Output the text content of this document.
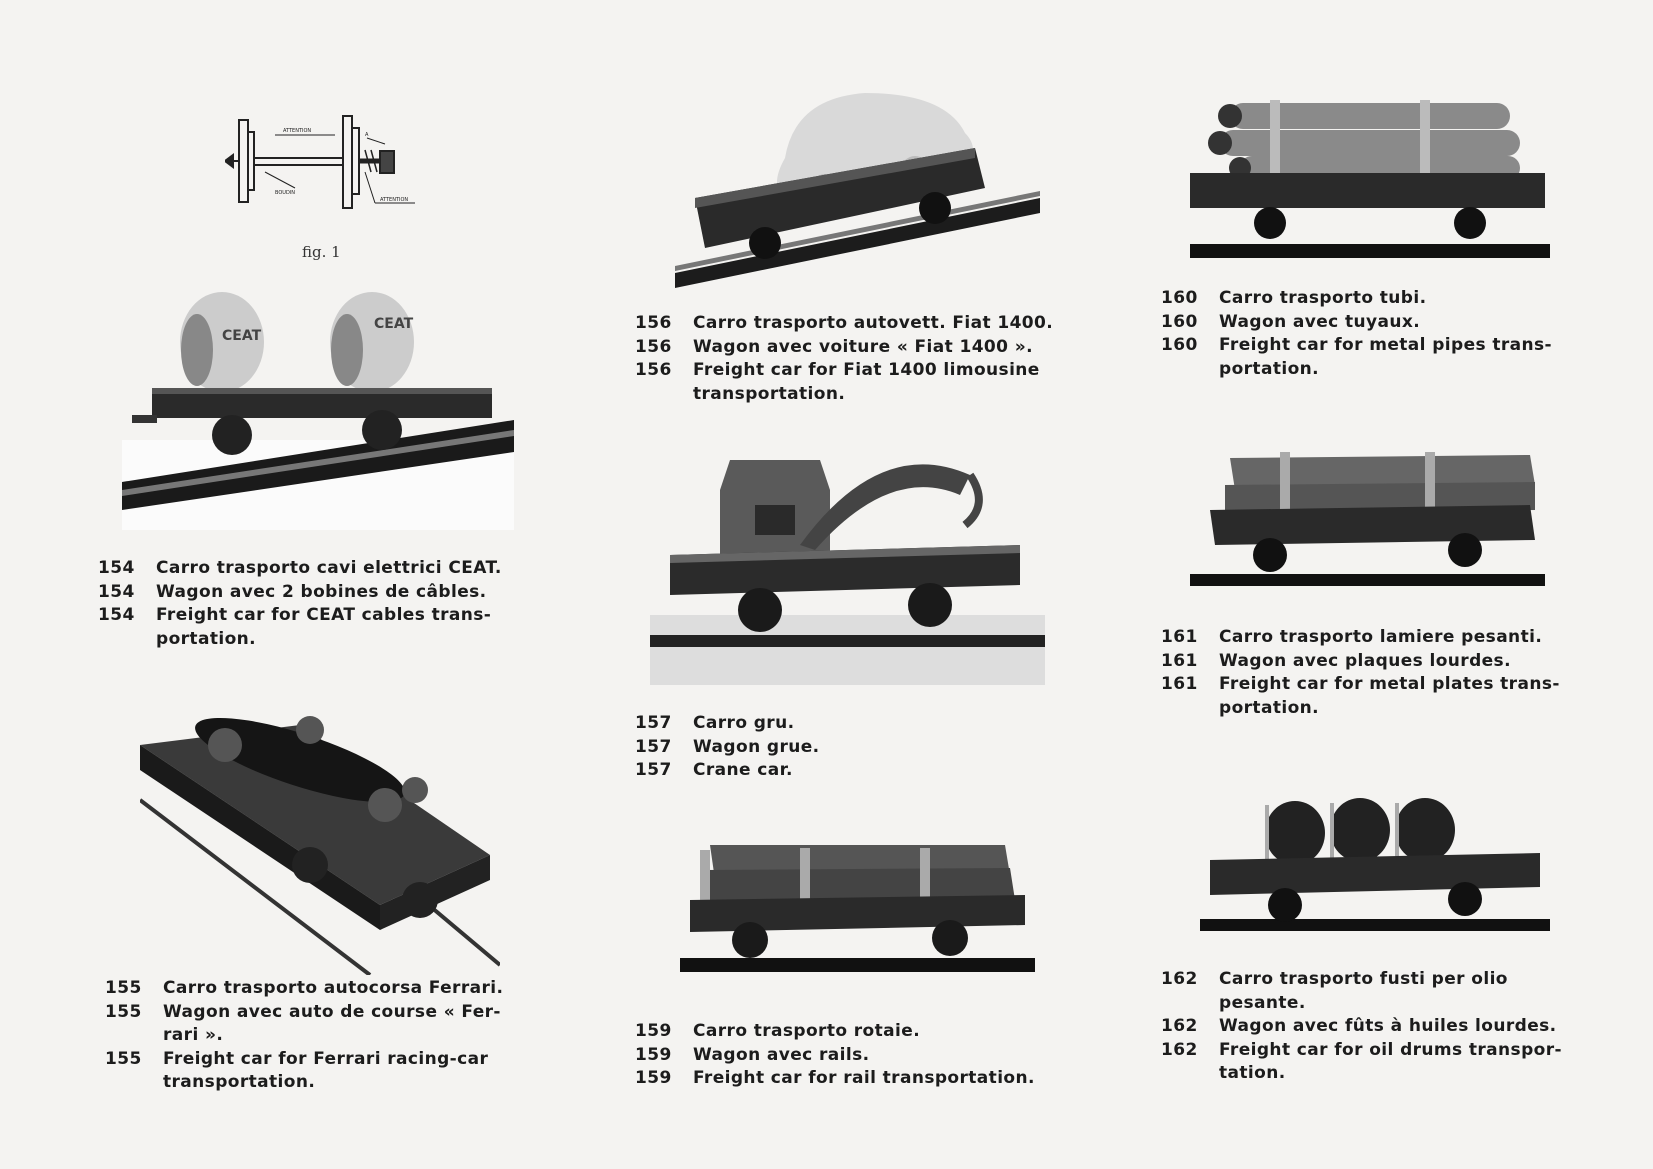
ATTENTION
A
BOUDIN
ATTENTION
fig. 1
CEAT
CEAT
154	Carro trasporto cavi elettrici CEAT.
154	Wagon avec 2 bobines de câbles.
154	Freight car for CEAT cables trans-
portation.
155	Carro trasporto autocorsa Ferrari.
155	Wagon avec auto de course « Fer-
rari ».
155	Freight car for Ferrari racing-car
transportation.
156	Carro trasporto autovett. Fiat 1400.
156	Wagon avec voiture « Fiat 1400 ».
156	Freight car for Fiat 1400 limousine
transportation.
157	Carro gru.
157	Wagon grue.
157	Crane car.
159	Carro trasporto rotaie.
159	Wagon avec rails.
159	Freight car for rail transportation.
160	Carro trasporto tubi.
160	Wagon avec tuyaux.
160	Freight car for metal pipes trans-
portation.
161	Carro trasporto lamiere pesanti.
161	Wagon avec plaques lourdes.
161	Freight car for metal plates trans-
portation.
162	Carro trasporto fusti per olio
pesante.
162	Wagon avec fûts à huiles lourdes.
162	Freight car for oil drums transpor-
tation.
